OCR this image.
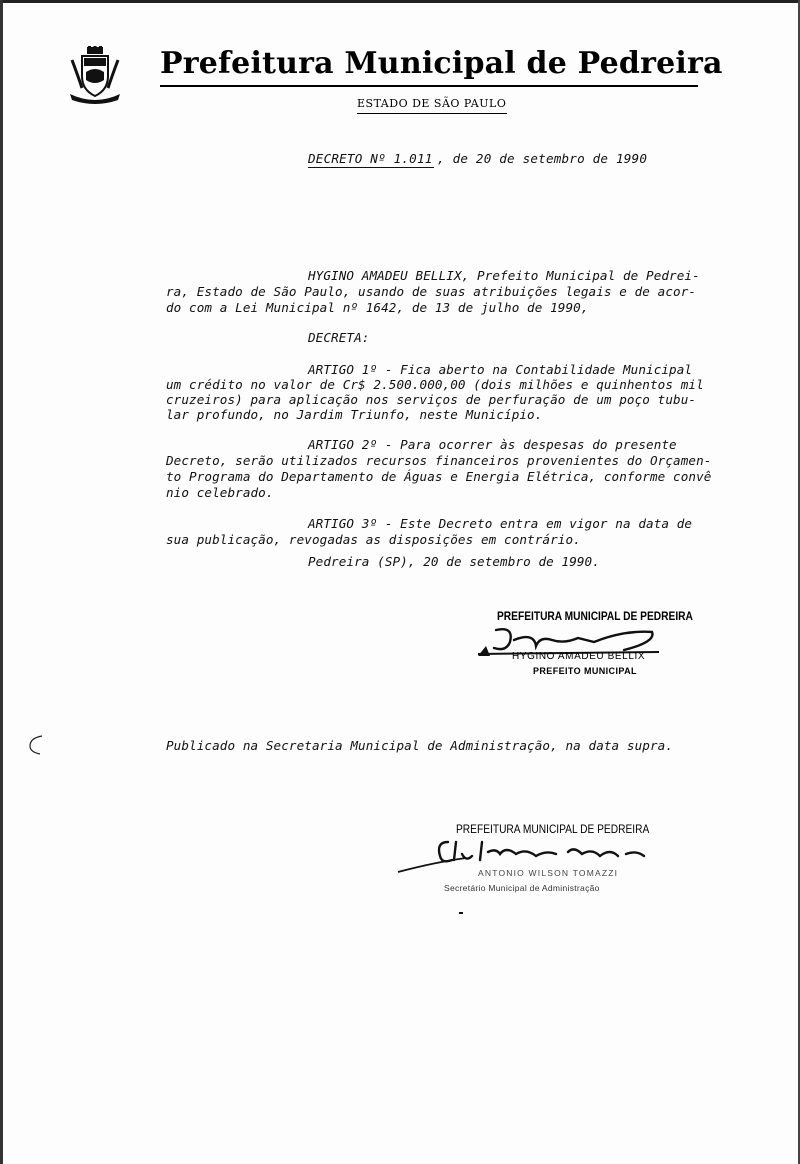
Prefeitura Municipal de Pedreira
ESTADO DE SÃO PAULO
DECRETO Nº 1.011 , de 20 de setembro de 1990
HYGINO AMADEU BELLIX, Prefeito Municipal de Pedrei-
ra, Estado de São Paulo, usando de suas atribuições legais e de acor-
do com a Lei Municipal nº 1642, de 13 de julho de 1990,
DECRETA:
ARTIGO 1º - Fica aberto na Contabilidade Municipal
um crédito no valor de Cr$ 2.500.000,00 (dois milhões e quinhentos mil
cruzeiros) para aplicação nos serviços de perfuração de um poço tubu-
lar profundo, no Jardim Triunfo, neste Município.
ARTIGO 2º - Para ocorrer às despesas do presente
Decreto, serão utilizados recursos financeiros provenientes do Orçamen-
to Programa do Departamento de Águas e Energia Elétrica, conforme convê
nio celebrado.
ARTIGO 3º - Este Decreto entra em vigor na data de
sua publicação, revogadas as disposições em contrário.
Pedreira (SP), 20 de setembro de 1990.
PREFEITURA MUNICIPAL DE PEDREIRA
HYGINO AMADEU BELLIX
PREFEITO MUNICIPAL
Publicado na Secretaria Municipal de Administração, na data supra.
PREFEITURA MUNICIPAL DE PEDREIRA
ANTONIO WILSON TOMAZZI
Secretário Municipal de Administração
